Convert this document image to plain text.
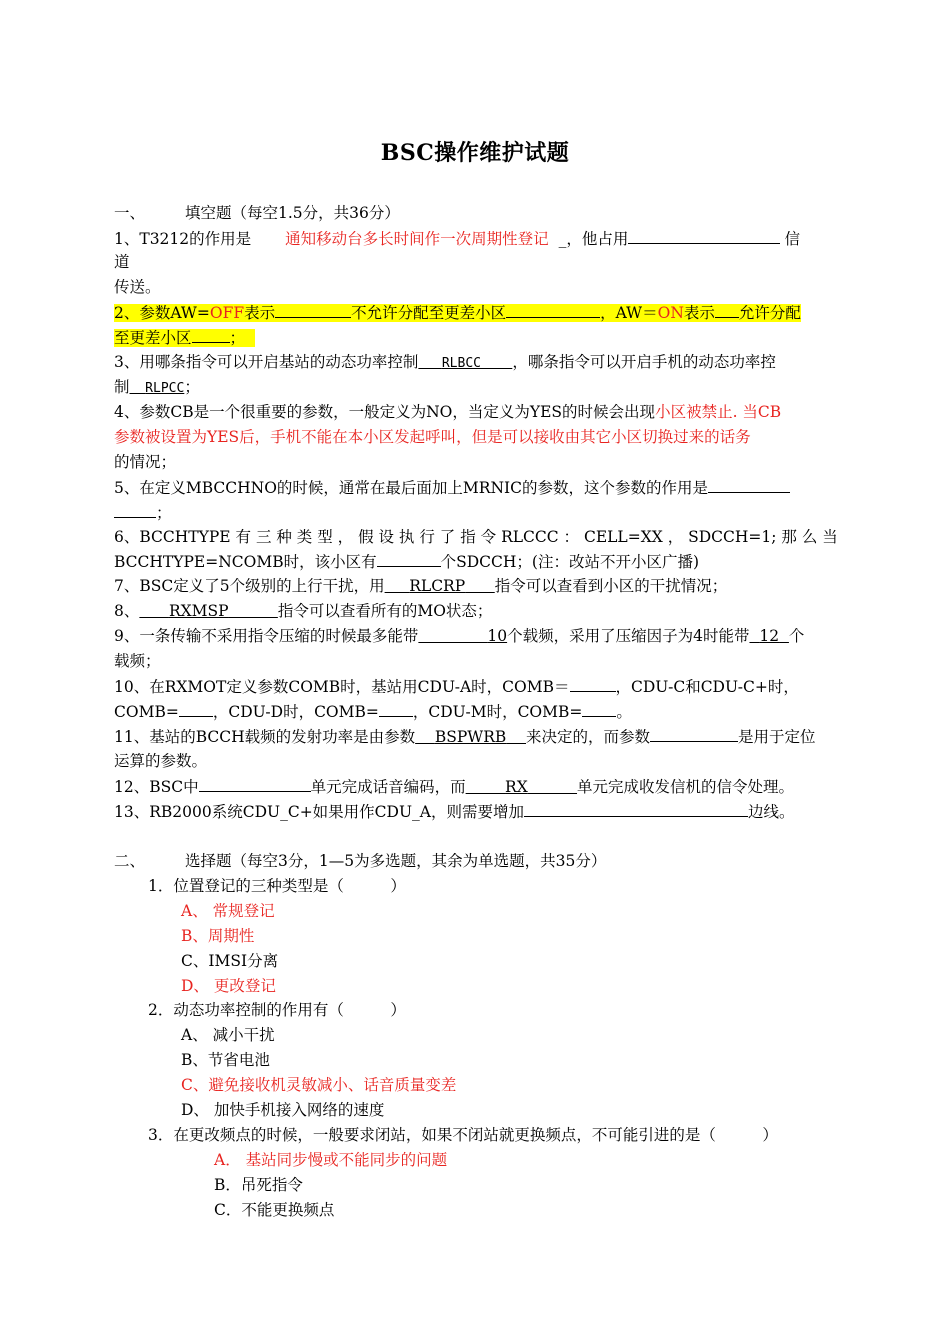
BSC操作维护试题
一、	填空题（每空1.5分，共36分）
1、T3212的作用是 通知移动台多长时间作一次周期性登记 _，他占用	信
道
传送。
2、参数AW=OFF表示	不允许分配至更差小区	，AW＝ON表示 允许分配
至更差小区 ；
3、用哪条指令可以开启基站的动态功率控制 RLBCC ，哪条指令可以开启手机的动态功率控
制 RLPCC；
4、参数CB是一个很重要的参数，一般定义为NO，当定义为YES的时候会出现小区被禁止. 当CB
参数被设置为YES后，手机不能在本小区发起呼叫，但是可以接收由其它小区切换过来的话务
的情况；
5、在定义MBCCHNO的时候，通常在最后面加上MRNIC的参数，这个参数的作用是
；
6、BCCHTYPE 有 三 种 类 型 ， 假 设 执 行 了 指 令 RLCCC ： CELL=XX ， SDCCH=1; 那 么 当
BCCHTYPE=NCOMB时，该小区有	个SDCCH；(注：改站不开小区广播)
7、BSC定义了5个级别的上行干扰，用 RLCRP 指令可以查看到小区的干扰情况；
8、 RXMSP	指令可以查看所有的MO状态；
9、一条传输不采用指令压缩的时候最多能带	10个载频，采用了压缩因子为4时能带 12 个
载频；
10、在RXMOT定义参数COMB时，基站用CDU-A时，COMB＝	，CDU-C和CDU-C+时，
COMB= ，CDU-D时，COMB= ，CDU-M时，COMB= 。
11、基站的BCCH载频的发射功率是由参数 BSPWRB 来决定的，而参数	是用于定位
运算的参数。
12、BSC中	单元完成话音编码，而	RX	单元完成收发信机的信令处理。
13、RB2000系统CDU_C+如果用作CDU_A，则需要增加	边线。
二、	选择题（每空3分，1—5为多选题，其余为单选题，共35分）
1．位置登记的三种类型是（　　　）
A、 常规登记
B、周期性
C、IMSI分离
D、 更改登记
2．动态功率控制的作用有（　　　）
A、 减小干扰
B、节省电池
C、避免接收机灵敏减小、话音质量变差
D、 加快手机接入网络的速度
3．在更改频点的时候，一般要求闭站，如果不闭站就更换频点，不可能引进的是（　　　）
A． 基站同步慢或不能同步的问题
B．吊死指令
C．不能更换频点
